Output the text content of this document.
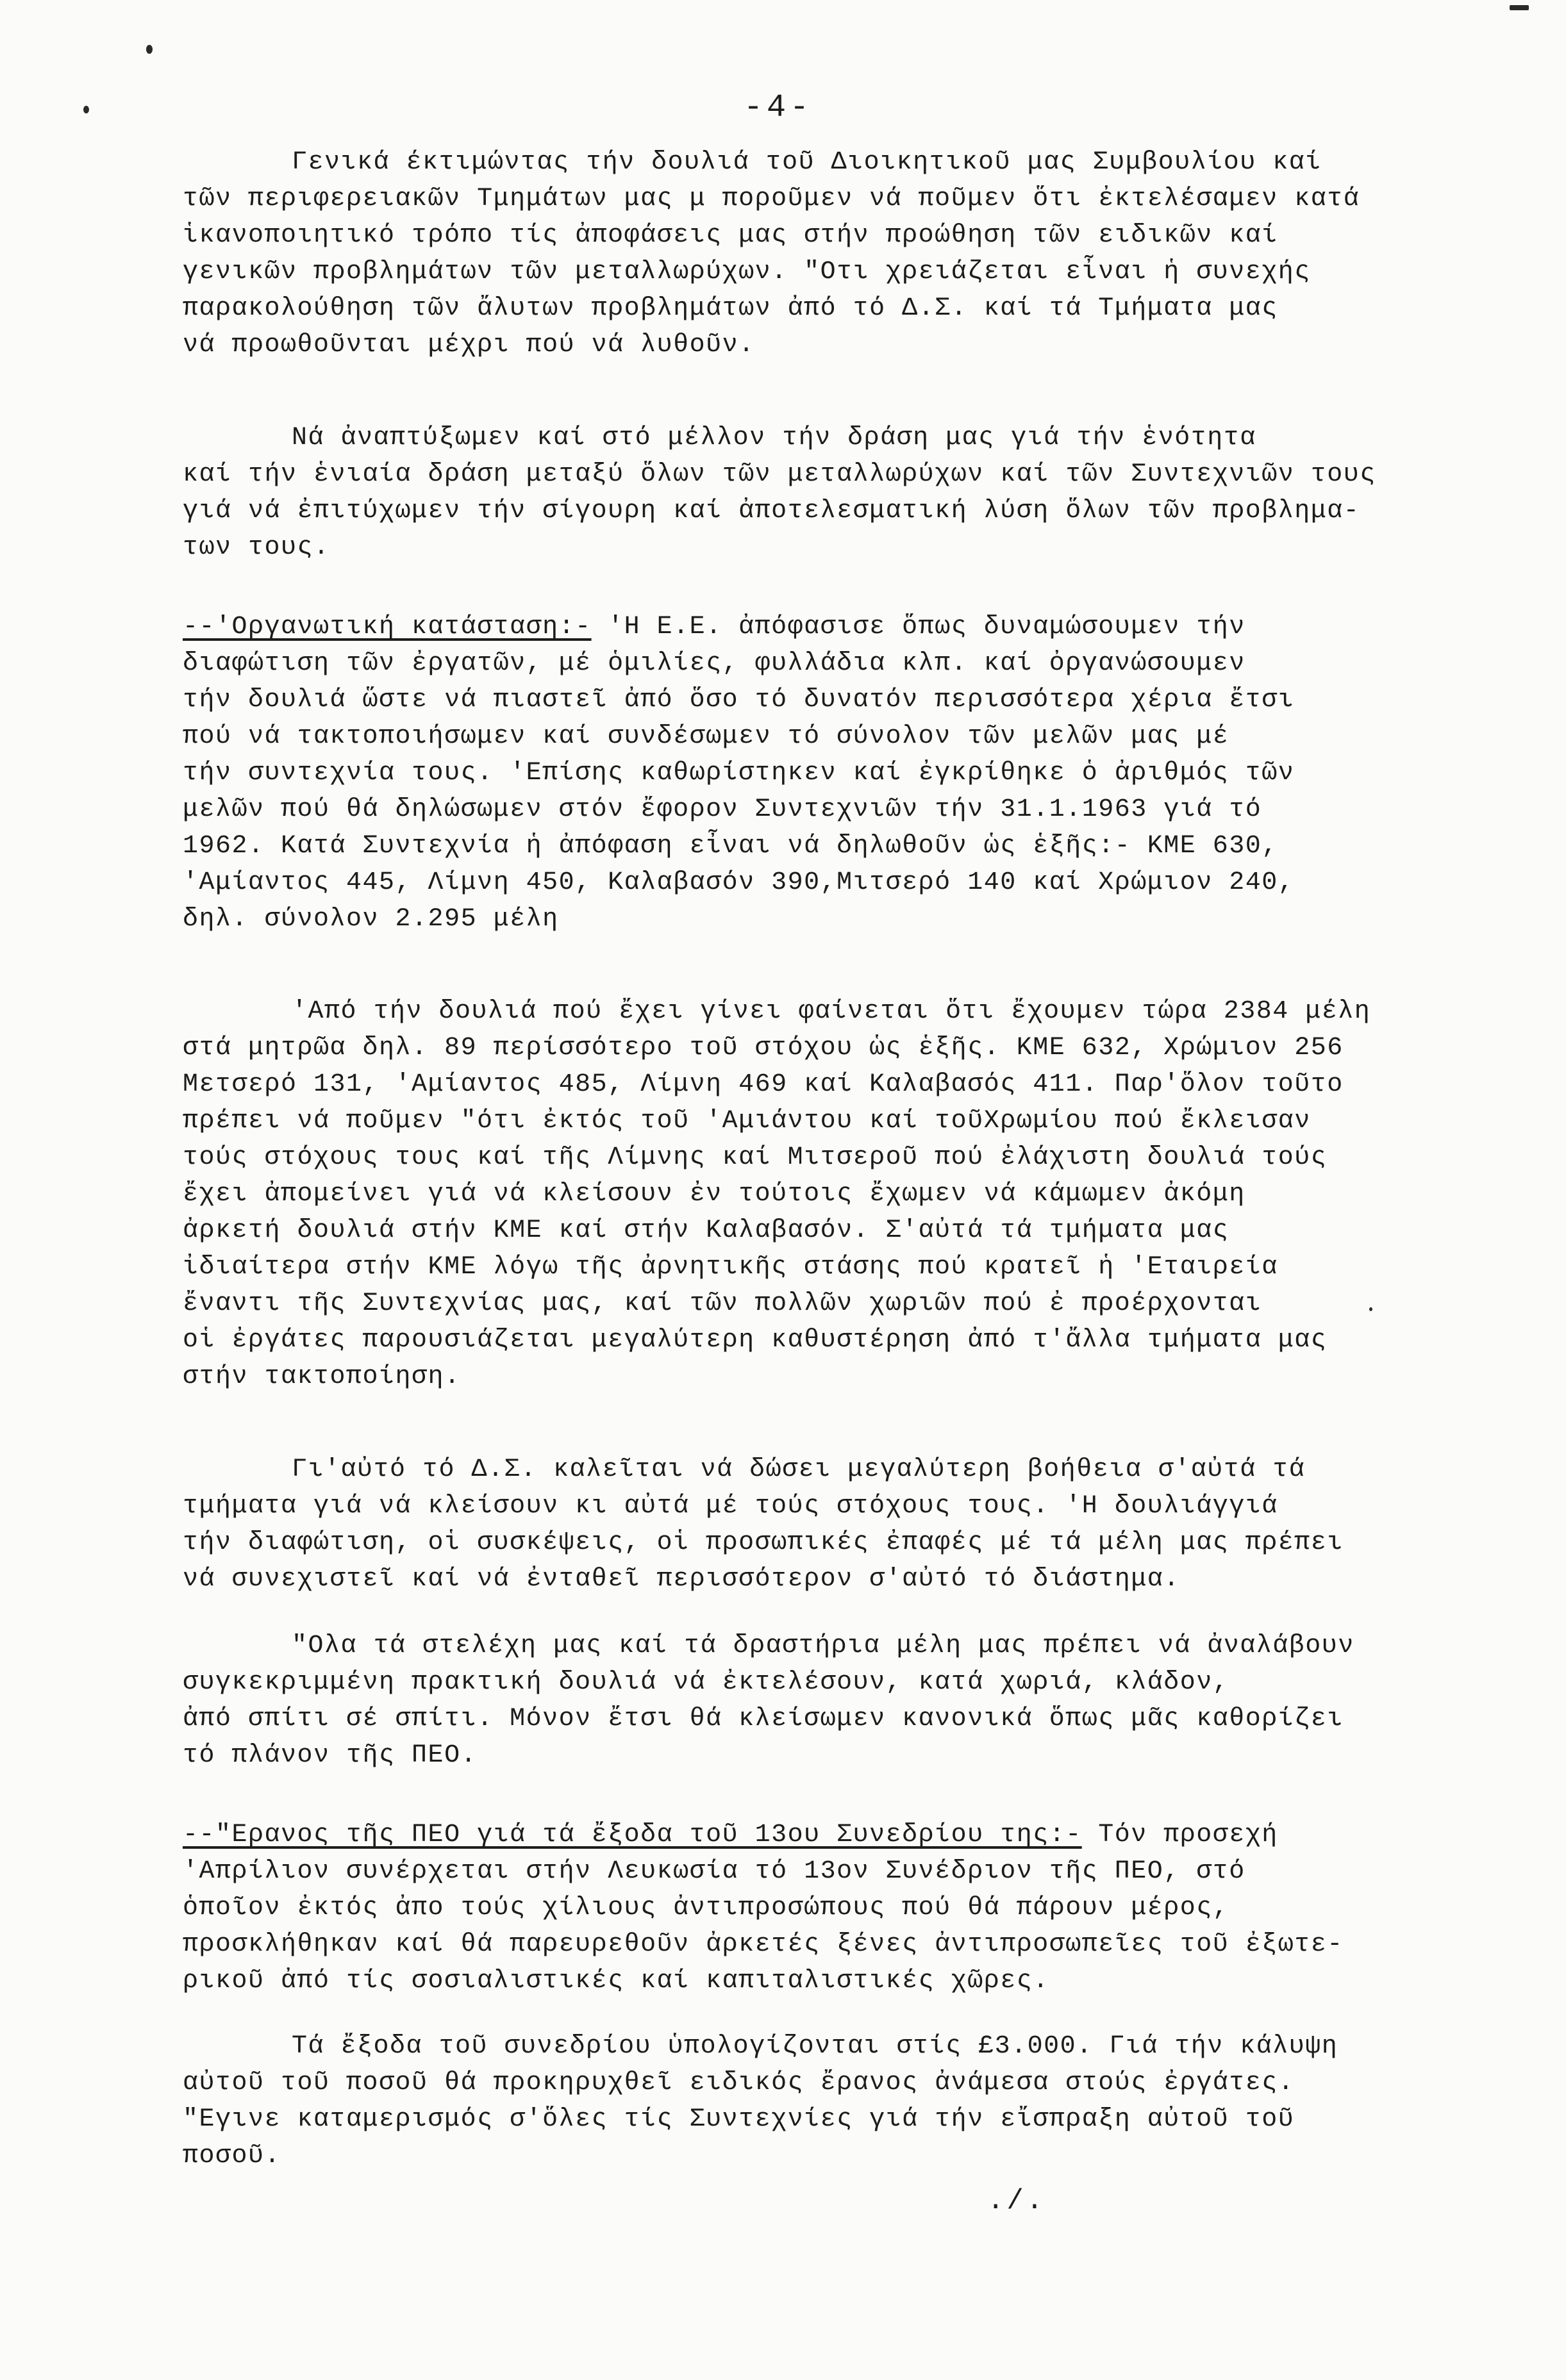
-4-
Γενικά έκτιμώντας τήν δουλιά τοῦ Διοικητικοῦ μας Συμβουλίου καί
τῶν περιφερειακῶν Τμημάτων μας μ ποροῦμεν νά ποῦμεν ὅτι ἐκτελέσαμεν κατά
ἱκανοποιητικό τρόπο τίς ἀποφάσεις μας στήν προώθηση τῶν ειδικῶν καί
γενικῶν προβλημάτων τῶν μεταλλωρύχων. "Οτι χρειάζεται εἶναι ἡ συνεχής
παρακολούθηση τῶν ἄλυτων προβλημάτων ἀπό τό Δ.Σ. καί τά Τμήματα μας
νά προωθοῦνται μέχρι πού νά λυθοῦν.
Νά ἀναπτύξωμεν καί στό μέλλον τήν δράση μας γιά τήν ἑνότητα
καί τήν ἑνιαία δράση μεταξύ ὅλων τῶν μεταλλωρύχων καί τῶν Συντεχνιῶν τους
γιά νά ἐπιτύχωμεν τήν σίγουρη καί ἀποτελεσματική λύση ὅλων τῶν προβλημα-
των τους.
--'Οργανωτική κατάσταση:- 'Η Ε.Ε. ἀπόφασισε ὅπως δυναμώσουμεν τήν
διαφώτιση τῶν ἐργατῶν, μέ ὁμιλίες, φυλλάδια κλπ. καί ὀργανώσουμεν
τήν δουλιά ὥστε νά πιαστεῖ ἀπό ὅσο τό δυνατόν περισσότερα χέρια ἔτσι
πού νά τακτοποιήσωμεν καί συνδέσωμεν τό σύνολον τῶν μελῶν μας μέ
τήν συντεχνία τους. 'Επίσης καθωρίστηκεν καί ἐγκρίθηκε ὁ ἀριθμός τῶν
μελῶν πού θά δηλώσωμεν στόν ἔφορον Συντεχνιῶν τήν 31.1.1963 γιά τό
1962. Κατά Συντεχνία ἡ ἀπόφαση εἶναι νά δηλωθοῦν ὡς ἑξῆς:- ΚΜΕ 630,
'Αμίαντος 445, Λίμνη 450, Καλαβασόν 390,Μιτσερό 140 καί Χρώμιον 240,
δηλ. σύνολον 2.295 μέλη
'Από τήν δουλιά πού ἔχει γίνει φαίνεται ὅτι ἔχουμεν τώρα 2384 μέλη
στά μητρῶα δηλ. 89 περίσσότερο τοῦ στόχου ὡς ἑξῆς. ΚΜΕ 632, Χρώμιον 256
Μετσερό 131, 'Αμίαντος 485, Λίμνη 469 καί Καλαβασός 411. Παρ'ὅλον τοῦτο
πρέπει νά ποῦμεν "ότι ἐκτός τοῦ 'Αμιάντου καί τοῦΧρωμίου πού ἔκλεισαν
τούς στόχους τους καί τῆς Λίμνης καί Μιτσεροῦ πού ἐλάχιστη δουλιά τούς
ἔχει ἀπομείνει γιά νά κλείσουν ἐν τούτοις ἔχωμεν νά κάμωμεν ἀκόμη
ἀρκετή δουλιά στήν ΚΜΕ καί στήν Καλαβασόν. Σ'αὐτά τά τμήματα μας
ἰδιαίτερα στήν ΚΜΕ λόγω τῆς ἀρνητικῆς στάσης πού κρατεῖ ἡ 'Εταιρεία
ἔναντι τῆς Συντεχνίας μας, καί τῶν πολλῶν χωριῶν πού ἐ προέρχονται
οἱ ἐργάτες παρουσιάζεται μεγαλύτερη καθυστέρηση ἀπό τ'ἄλλα τμήματα μας
στήν τακτοποίηση.
Γι'αὐτό τό Δ.Σ. καλεῖται νά δώσει μεγαλύτερη βοήθεια σ'αὐτά τά
τμήματα γιά νά κλείσουν κι αὐτά μέ τούς στόχους τους. 'Η δουλιάγγιά
τήν διαφώτιση, οἱ συσκέψεις, οἱ προσωπικές ἐπαφές μέ τά μέλη μας πρέπει
νά συνεχιστεῖ καί νά ἐνταθεῖ περισσότερον σ'αὐτό τό διάστημα.
"Ολα τά στελέχη μας καί τά δραστήρια μέλη μας πρέπει νά ἀναλάβουν
συγκεκριμμένη πρακτική δουλιά νά ἐκτελέσουν, κατά χωριά, κλάδον,
ἀπό σπίτι σέ σπίτι. Μόνον ἔτσι θά κλείσωμεν κανονικά ὅπως μᾶς καθορίζει
τό πλάνον τῆς ΠΕΟ.
--"Ερανος τῆς ΠΕΟ γιά τά ἔξοδα τοῦ 13ου Συνεδρίου της:- Τόν προσεχή
'Απρίλιον συνέρχεται στήν Λευκωσία τό 13ον Συνέδριον τῆς ΠΕΟ, στό
ὁποῖον ἐκτός ἀπο τούς χίλιους ἀντιπροσώπους πού θά πάρουν μέρος,
προσκλήθηκαν καί θά παρευρεθοῦν ἀρκετές ξένες ἀντιπροσωπεῖες τοῦ ἐξωτε-
ρικοῦ ἀπό τίς σοσιαλιστικές καί καπιταλιστικές χῶρες.
Τά ἔξοδα τοῦ συνεδρίου ὑπολογίζονται στίς £3.000. Γιά τήν κάλυψη
αὐτοῦ τοῦ ποσοῦ θά προκηρυχθεῖ ειδικός ἔρανος ἀνάμεσα στούς ἐργάτες.
"Εγινε καταμερισμός σ'ὅλες τίς Συντεχνίες γιά τήν εἴσπραξη αὐτοῦ τοῦ
ποσοῦ.
./.
